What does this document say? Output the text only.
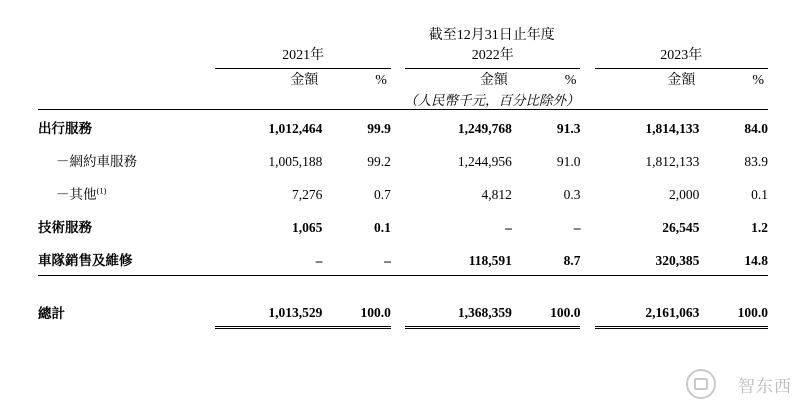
	截至12月31日止年度							
	2021年			2022年			2023年	
	金額	%		金額	%		金額	%
	（人民幣千元，百分比除外）							
出行服務	1,012,464	99.9		1,249,768	91.3		1,814,133	84.0
－網約車服務	1,005,188	99.2		1,244,956	91.0		1,812,133	83.9
－其他$^{(1)}$	7,276	0.7		4,812	0.3		2,000	0.1
技術服務	1,065	0.1		–	–		26,545	1.2
車隊銷售及維修	–	–		118,591	8.7		320,385	14.8

總計	1,013,529	100.0		1,368,359	100.0		2,161,063	100.0
智东西
